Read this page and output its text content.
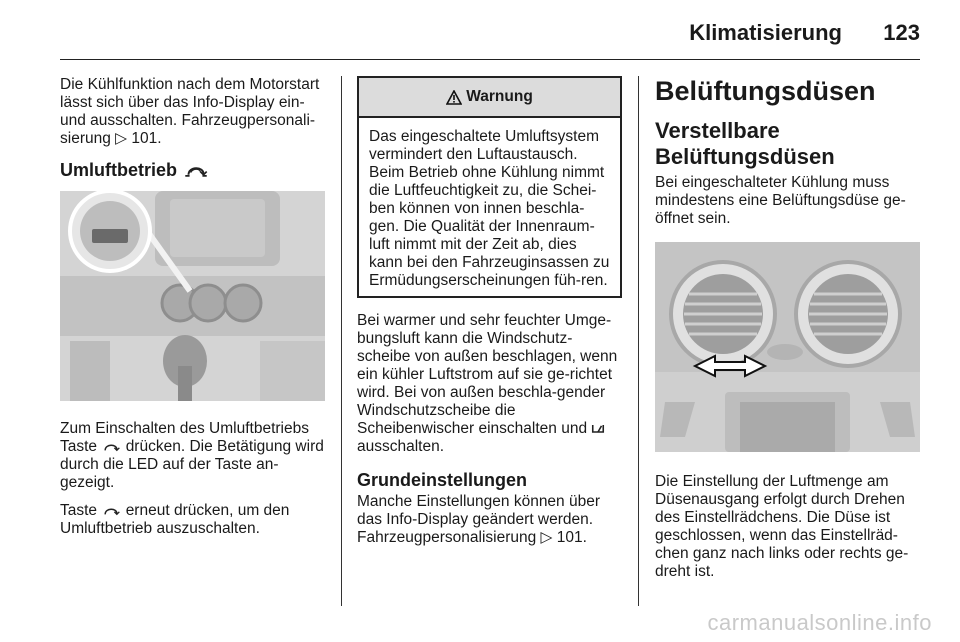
Klimatisierung 123

Die Kühlfunktion nach dem Motorstart lässt sich über das Info-Display ein- und ausschalten. Fahrzeugpersonali-sierung ▷ 101.

Umluftbetrieb

Zum Einschalten des Umluftbetriebs Taste drücken. Die Betätigung wird durch die LED auf der Taste an-gezeigt.

Taste erneut drücken, um den Umluftbetrieb auszuschalten.

Warnung

Das eingeschaltete Umluftsystem vermindert den Luftaustausch. Beim Betrieb ohne Kühlung nimmt die Luftfeuchtigkeit zu, die Schei-ben können von innen beschla-gen. Die Qualität der Innenraum-luft nimmt mit der Zeit ab, dies kann bei den Fahrzeuginsassen zu Ermüdungserscheinungen füh-ren.

Bei warmer und sehr feuchter Umge-bungsluft kann die Windschutz-scheibe von außen beschlagen, wenn ein kühler Luftstrom auf sie ge-richtet wird. Bei von außen beschla-gender Windschutzscheibe die Scheibenwischer einschalten und  ausschalten.

Grundeinstellungen

Manche Einstellungen können über das Info-Display geändert werden. Fahrzeugpersonalisierung ▷ 101.

Belüftungsdüsen
Verstellbare Belüftungsdüsen

Bei eingeschalteter Kühlung muss mindestens eine Belüftungsdüse ge-öffnet sein.

Die Einstellung der Luftmenge am Düsenausgang erfolgt durch Drehen des Einstellrädchens. Die Düse ist geschlossen, wenn das Einstellräd-chen ganz nach links oder rechts ge-dreht ist.

carmanualsonline.info
